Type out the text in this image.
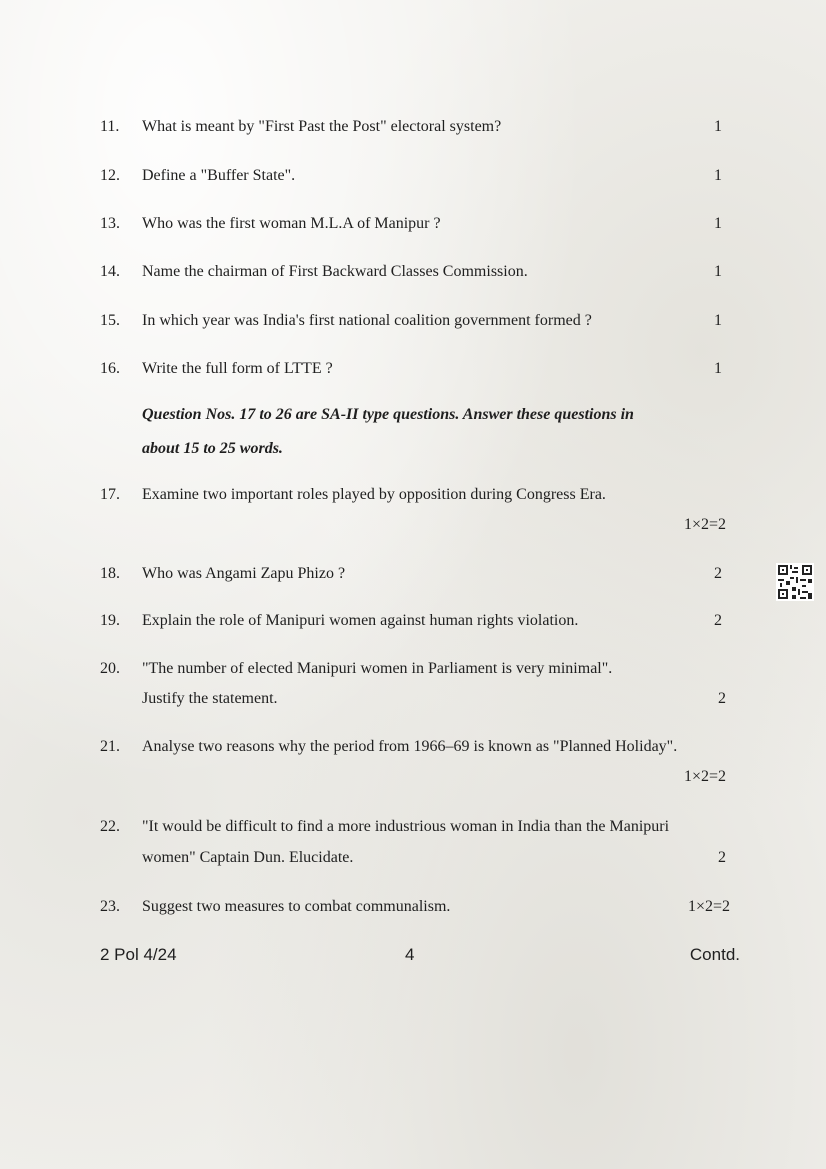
11.	What is meant by "First Past the Post" electoral system?	1
12.	Define a "Buffer State".	1
13.	Who was the first woman M.L.A of Manipur ?	1
14.	Name the chairman of First Backward Classes Commission.	1
15.	In which year was India's first national coalition government formed ?	1
16.	Write the full form of LTTE ?	1
Question Nos. 17 to 26 are SA-II type questions. Answer these questions in
about 15 to 25 words.
17.	Examine two important roles played by opposition during Congress Era.
1×2=2
18.	Who was Angami Zapu Phizo ?	2
19.	Explain the role of Manipuri women against human rights violation.	2
20.	"The number of elected Manipuri women in Parliament is very minimal".
Justify the statement.	2
21.	Analyse two reasons why the period from 1966–69 is known as "Planned Holiday".
1×2=2
22.	"It would be difficult to find a more industrious woman in India than the Manipuri
women" Captain Dun. Elucidate.	2
23.	Suggest two measures to combat communalism.	1×2=2
2 Pol 4/24	4	Contd.
